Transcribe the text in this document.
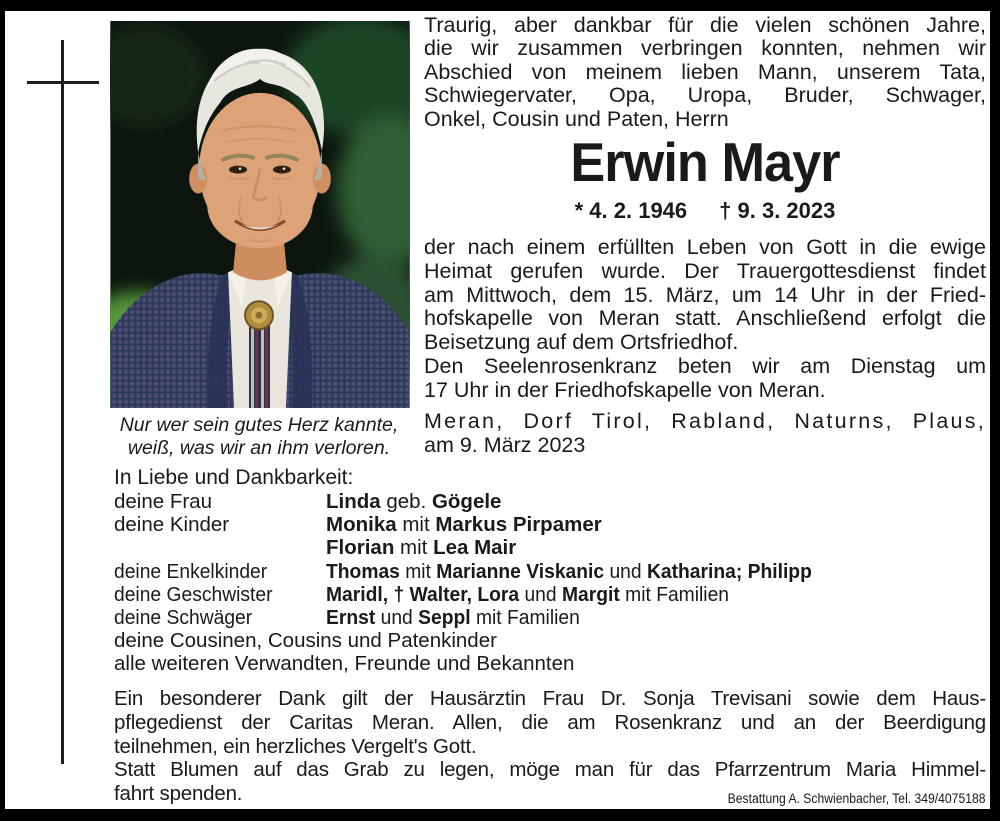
Nur wer sein gutes Herz kannte,
weiß, was wir an ihm verloren.
Traurig, aber dankbar für die vielen schönen Jahre,
die wir zusammen verbringen konnten, nehmen wir
Abschied von meinem lieben Mann, unserem Tata,
Schwiegervater, Opa, Uropa, Bruder, Schwager,
Onkel, Cousin und Paten, Herrn
Erwin Mayr
* 4. 2. 1946 † 9. 3. 2023
der nach einem erfüllten Leben von Gott in die ewige
Heimat gerufen wurde. Der Trauergottesdienst findet
am Mittwoch, dem 15. März, um 14 Uhr in der Fried-
hofskapelle von Meran statt. Anschließend erfolgt die
Beisetzung auf dem Ortsfriedhof.
Den Seelenrosenkranz beten wir am Dienstag um
17 Uhr in der Friedhofskapelle von Meran.
Meran, Dorf Tirol, Rabland, Naturns, Plaus,
am 9. März 2023
In Liebe und Dankbarkeit:
deine Frau	Linda geb. Gögele
deine Kinder	Monika mit Markus Pirpamer
Florian mit Lea Mair
deine Enkelkinder	Thomas mit Marianne Viskanic und Katharina; Philipp
deine Geschwister	Maridl, † Walter, Lora und Margit mit Familien
deine Schwäger	Ernst und Seppl mit Familien
deine Cousinen, Cousins und Patenkinder
alle weiteren Verwandten, Freunde und Bekannten
Ein besonderer Dank gilt der Hausärztin Frau Dr. Sonja Trevisani sowie dem Haus-
pflegedienst der Caritas Meran. Allen, die am Rosenkranz und an der Beerdigung
teilnehmen, ein herzliches Vergelt's Gott.
Statt Blumen auf das Grab zu legen, möge man für das Pfarrzentrum Maria Himmel-
fahrt spenden.	Bestattung A. Schwienbacher, Tel. 349/4075188
